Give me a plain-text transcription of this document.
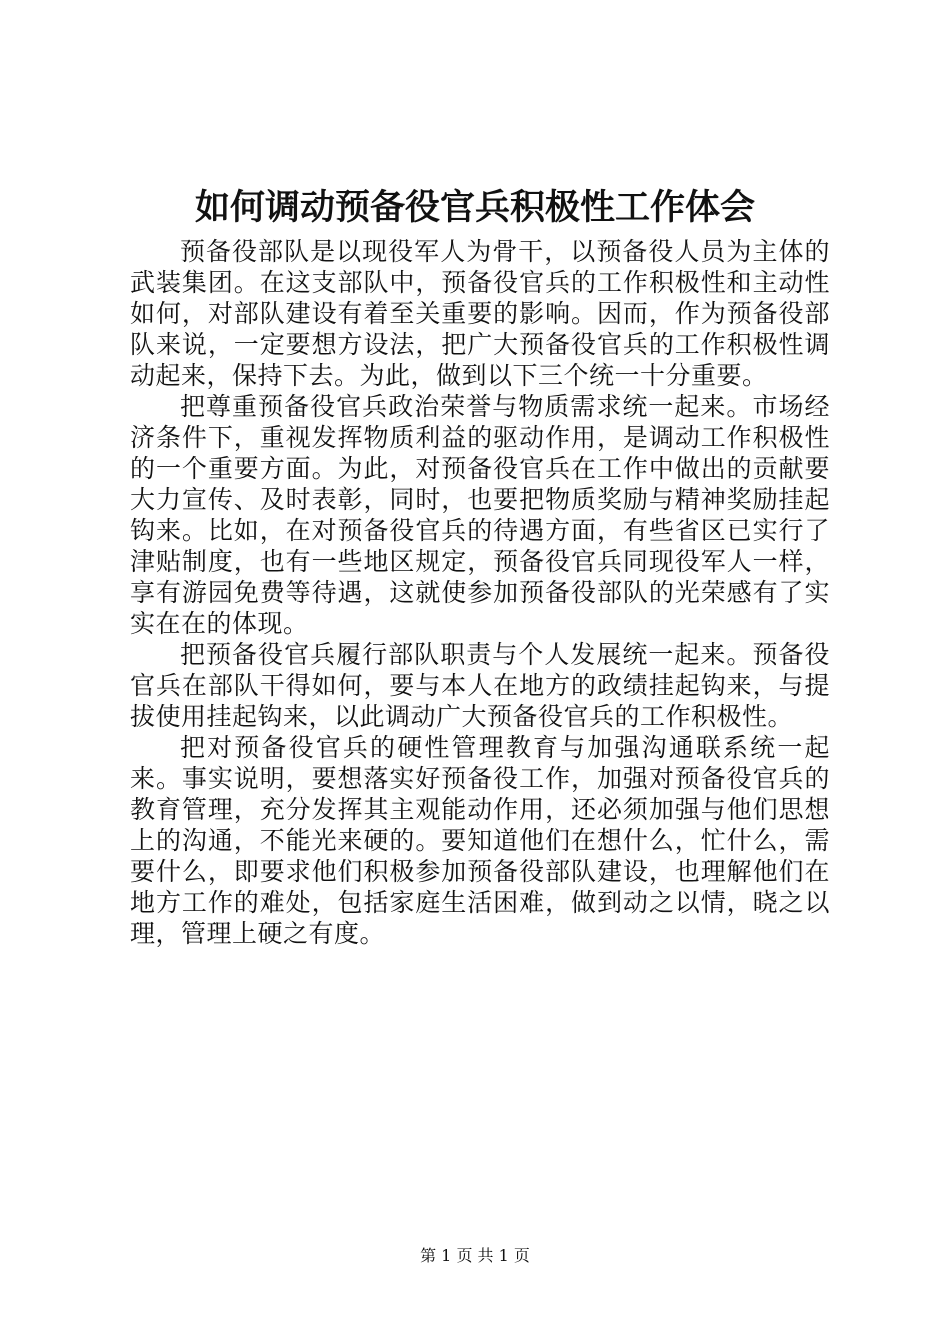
如何调动预备役官兵积极性工作体会

预备役部队是以现役军人为骨干，以预备役人员为主体的武装集团。在这支部队中，预备役官兵的工作积极性和主动性如何，对部队建设有着至关重要的影响。因而，作为预备役部队来说，一定要想方设法，把广大预备役官兵的工作积极性调动起来，保持下去。为此，做到以下三个统一十分重要。

把尊重预备役官兵政治荣誉与物质需求统一起来。市场经济条件下，重视发挥物质利益的驱动作用，是调动工作积极性的一个重要方面。为此，对预备役官兵在工作中做出的贡献要大力宣传、及时表彰，同时，也要把物质奖励与精神奖励挂起钩来。比如，在对预备役官兵的待遇方面，有些省区已实行了津贴制度，也有一些地区规定，预备役官兵同现役军人一样，享有游园免费等待遇，这就使参加预备役部队的光荣感有了实实在在的体现。

把预备役官兵履行部队职责与个人发展统一起来。预备役官兵在部队干得如何，要与本人在地方的政绩挂起钩来，与提拔使用挂起钩来，以此调动广大预备役官兵的工作积极性。

把对预备役官兵的硬性管理教育与加强沟通联系统一起来。事实说明，要想落实好预备役工作，加强对预备役官兵的教育管理，充分发挥其主观能动作用，还必须加强与他们思想上的沟通，不能光来硬的。要知道他们在想什么，忙什么，需要什么，即要求他们积极参加预备役部队建设，也理解他们在地方工作的难处，包括家庭生活困难，做到动之以情，晓之以理，管理上硬之有度。

第 1 页 共 1 页
